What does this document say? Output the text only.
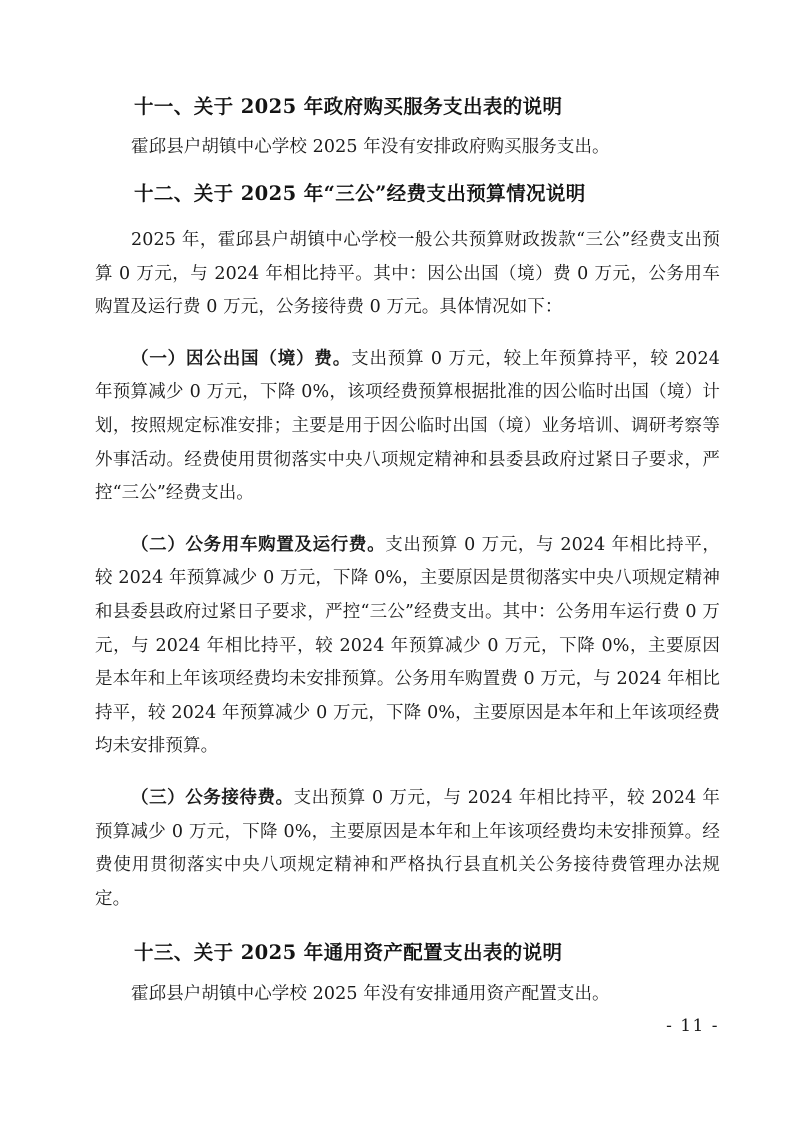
十一、关于 2025 年政府购买服务支出表的说明

霍邱县户胡镇中心学校 2025 年没有安排政府购买服务支出。

十二、关于 2025 年“三公”经费支出预算情况说明

2025 年，霍邱县户胡镇中心学校一般公共预算财政拨款“三公”经费支出预算 0 万元，与 2024 年相比持平。其中：因公出国（境）费 0 万元，公务用车购置及运行费 0 万元，公务接待费 0 万元。具体情况如下：

（一）因公出国（境）费。支出预算 0 万元，较上年预算持平，较 2024 年预算减少 0 万元，下降 0%，该项经费预算根据批准的因公临时出国（境）计划，按照规定标准安排；主要是用于因公临时出国（境）业务培训、调研考察等外事活动。经费使用贯彻落实中央八项规定精神和县委县政府过紧日子要求，严控“三公”经费支出。

（二）公务用车购置及运行费。支出预算 0 万元，与 2024 年相比持平，较 2024 年预算减少 0 万元，下降 0%，主要原因是贯彻落实中央八项规定精神和县委县政府过紧日子要求，严控“三公”经费支出。其中：公务用车运行费 0 万元，与 2024 年相比持平，较 2024 年预算减少 0 万元，下降 0%，主要原因是本年和上年该项经费均未安排预算。公务用车购置费 0 万元，与 2024 年相比持平，较 2024 年预算减少 0 万元，下降 0%，主要原因是本年和上年该项经费均未安排预算。

（三）公务接待费。支出预算 0 万元，与 2024 年相比持平，较 2024 年预算减少 0 万元，下降 0%，主要原因是本年和上年该项经费均未安排预算。经费使用贯彻落实中央八项规定精神和严格执行县直机关公务接待费管理办法规定。

十三、关于 2025 年通用资产配置支出表的说明

霍邱县户胡镇中心学校 2025 年没有安排通用资产配置支出。

- 11 -
